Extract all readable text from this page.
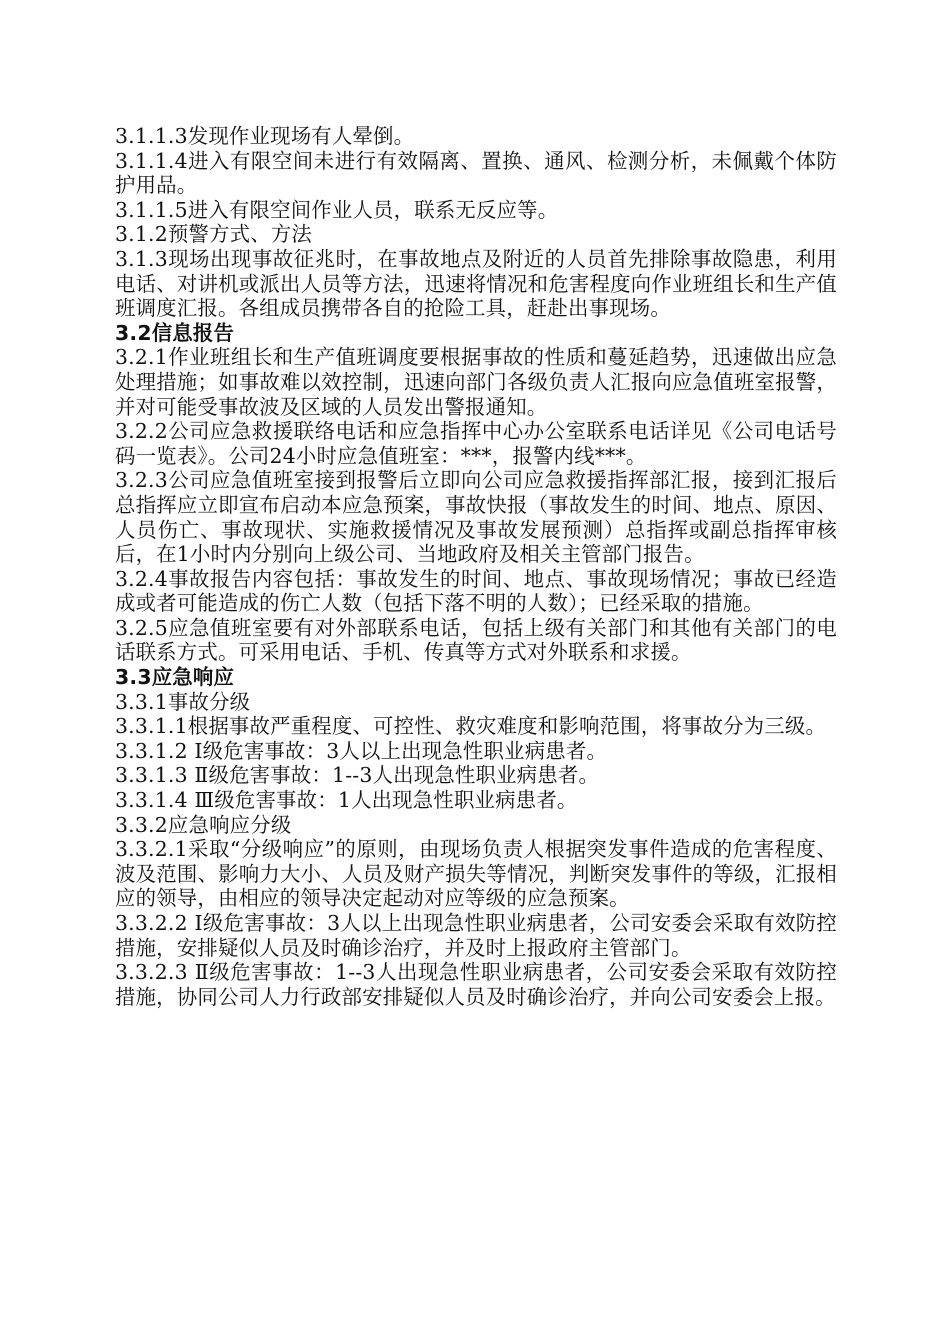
3.1.1.3发现作业现场有人晕倒。

3.1.1.4进入有限空间未进行有效隔离、置换、通风、检测分析，未佩戴个体防护用品。

3.1.1.5进入有限空间作业人员，联系无反应等。

3.1.2预警方式、方法

3.1.3现场出现事故征兆时，在事故地点及附近的人员首先排除事故隐患，利用电话、对讲机或派出人员等方法，迅速将情况和危害程度向作业班组长和生产值班调度汇报。各组成员携带各自的抢险工具，赶赴出事现场。

3.2信息报告

3.2.1作业班组长和生产值班调度要根据事故的性质和蔓延趋势，迅速做出应急处理措施；如事故难以效控制，迅速向部门各级负责人汇报向应急值班室报警，并对可能受事故波及区域的人员发出警报通知。

3.2.2公司应急救援联络电话和应急指挥中心办公室联系电话详见《公司电话号码一览表》。公司24小时应急值班室：***，报警内线***。

3.2.3公司应急值班室接到报警后立即向公司应急救援指挥部汇报，接到汇报后总指挥应立即宣布启动本应急预案，事故快报（事故发生的时间、地点、原因、人员伤亡、事故现状、实施救援情况及事故发展预测）总指挥或副总指挥审核后，在1小时内分别向上级公司、当地政府及相关主管部门报告。

3.2.4事故报告内容包括：事故发生的时间、地点、事故现场情况；事故已经造成或者可能造成的伤亡人数（包括下落不明的人数）；已经采取的措施。

3.2.5应急值班室要有对外部联系电话，包括上级有关部门和其他有关部门的电话联系方式。可采用电话、手机、传真等方式对外联系和求援。

3.3应急响应

3.3.1事故分级

3.3.1.1根据事故严重程度、可控性、救灾难度和影响范围，将事故分为三级。

3.3.1.2 Ⅰ级危害事故：3人以上出现急性职业病患者。

3.3.1.3 Ⅱ级危害事故：1--3人出现急性职业病患者。

3.3.1.4 Ⅲ级危害事故：1人出现急性职业病患者。

3.3.2应急响应分级

3.3.2.1采取“分级响应”的原则，由现场负责人根据突发事件造成的危害程度、波及范围、影响力大小、人员及财产损失等情况，判断突发事件的等级，汇报相应的领导，由相应的领导决定起动对应等级的应急预案。

3.3.2.2 Ⅰ级危害事故：3人以上出现急性职业病患者，公司安委会采取有效防控措施，安排疑似人员及时确诊治疗，并及时上报政府主管部门。

3.3.2.3 Ⅱ级危害事故：1--3人出现急性职业病患者，公司安委会采取有效防控措施，协同公司人力行政部安排疑似人员及时确诊治疗，并向公司安委会上报。
